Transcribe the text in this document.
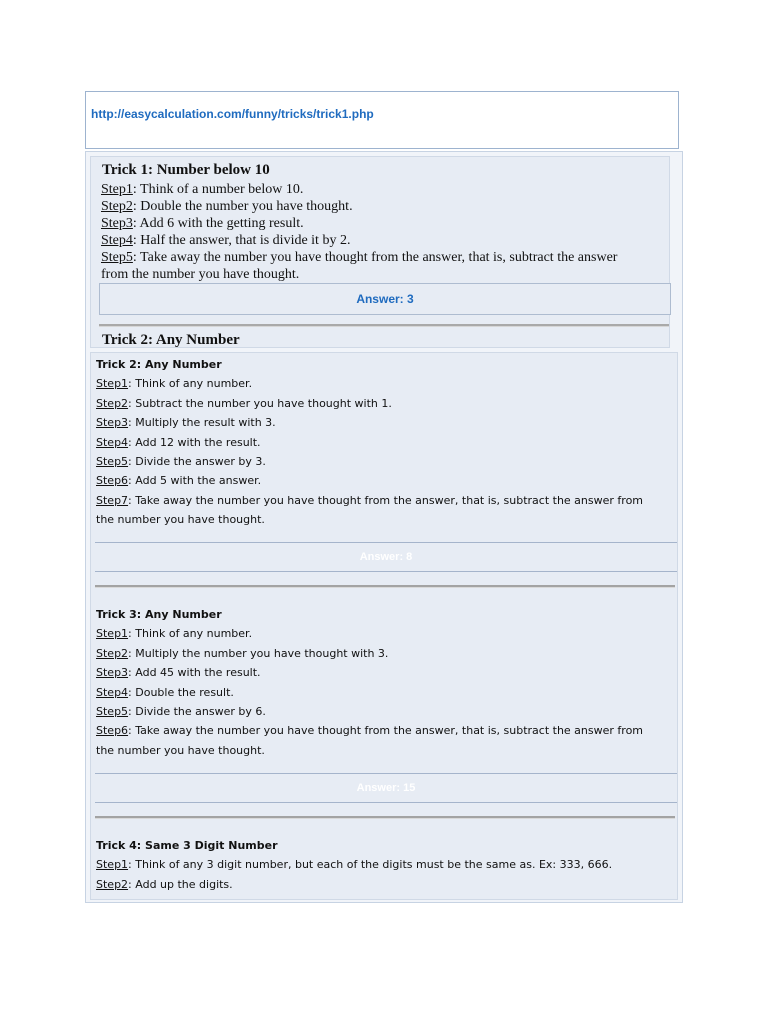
http://easycalculation.com/funny/tricks/trick1.php
Trick 1: Number below 10
Step1: Think of a number below 10.
Step2: Double the number you have thought.
Step3: Add 6 with the getting result.
Step4: Half the answer, that is divide it by 2.
Step5: Take away the number you have thought from the answer, that is, subtract the answer
from the number you have thought.
Answer: 3
Trick 2: Any Number
Trick 2: Any Number
Step1: Think of any number.
Step2: Subtract the number you have thought with 1.
Step3: Multiply the result with 3.
Step4: Add 12 with the result.
Step5: Divide the answer by 3.
Step6: Add 5 with the answer.
Step7: Take away the number you have thought from the answer, that is, subtract the answer from
the number you have thought.
Answer: 8
Trick 3: Any Number
Step1: Think of any number.
Step2: Multiply the number you have thought with 3.
Step3: Add 45 with the result.
Step4: Double the result.
Step5: Divide the answer by 6.
Step6: Take away the number you have thought from the answer, that is, subtract the answer from
the number you have thought.
Answer: 15
Trick 4: Same 3 Digit Number
Step1: Think of any 3 digit number, but each of the digits must be the same as. Ex: 333, 666.
Step2: Add up the digits.
